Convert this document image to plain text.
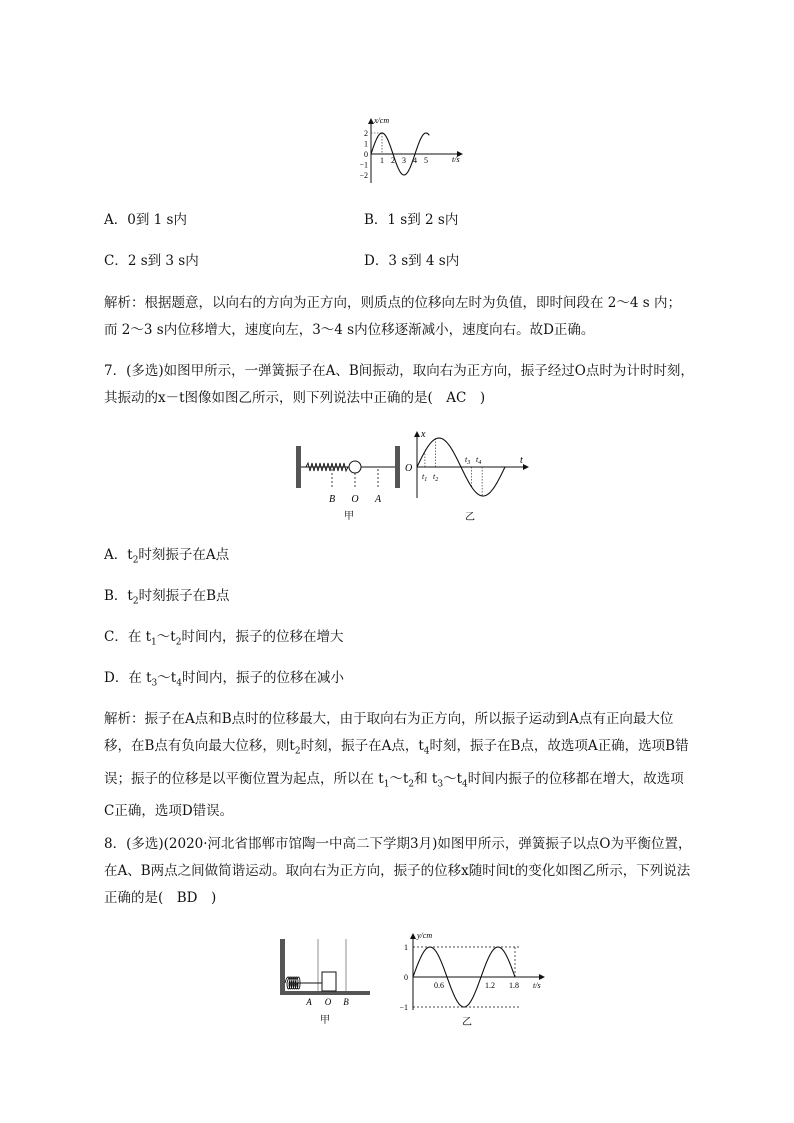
x/cm
t/s
2
1
0
−1
−2
1 2 3 4 5
A．0到 1 s内	B．1 s到 2 s内
C．2 s到 3 s内	D．3 s到 4 s内
解析：根据题意，以向右的方向为正方向，则质点的位移向左时为负值，即时间段在 2～4 s 内；而 2～3 s内位移增大，速度向左，3～4 s内位移逐渐减小，速度向右。故D正确。
7．(多选)如图甲所示，一弹簧振子在A、B间振动，取向右为正方向，振子经过O点时为计时时刻，其振动的x－t图像如图乙所示，则下列说法中正确的是(　AC　)
B O A
甲
x
t
O
$t_1$ $t_2$
$t_3$ $t_4$
乙
A．$t_2$时刻振子在A点
B．$t_2$时刻振子在B点
C．在 $t_1\sim t_2$时间内，振子的位移在增大
D．在 $t_3\sim t_4$时间内，振子的位移在减小
解析：振子在A点和B点时的位移最大，由于取向右为正方向，所以振子运动到A点有正向最大位移，在B点有负向最大位移，则$t_2$时刻，振子在A点，$t_4$时刻，振子在B点，故选项A正确，选项B错误；振子的位移是以平衡位置为起点，所以在 $t_1\sim t_2$和 $t_3\sim t_4$时间内振子的位移都在增大，故选项C正确，选项D错误。
8．(多选)(2020·河北省邯郸市馆陶一中高二下学期3月)如图甲所示，弹簧振子以点O为平衡位置，在A、B两点之间做简谐运动。取向右为正方向，振子的位移x随时间t的变化如图乙所示，下列说法正确的是(　BD　)
A O B
甲
y/cm
t/s
1
0
−1
0.6	1.2 1.8
乙
